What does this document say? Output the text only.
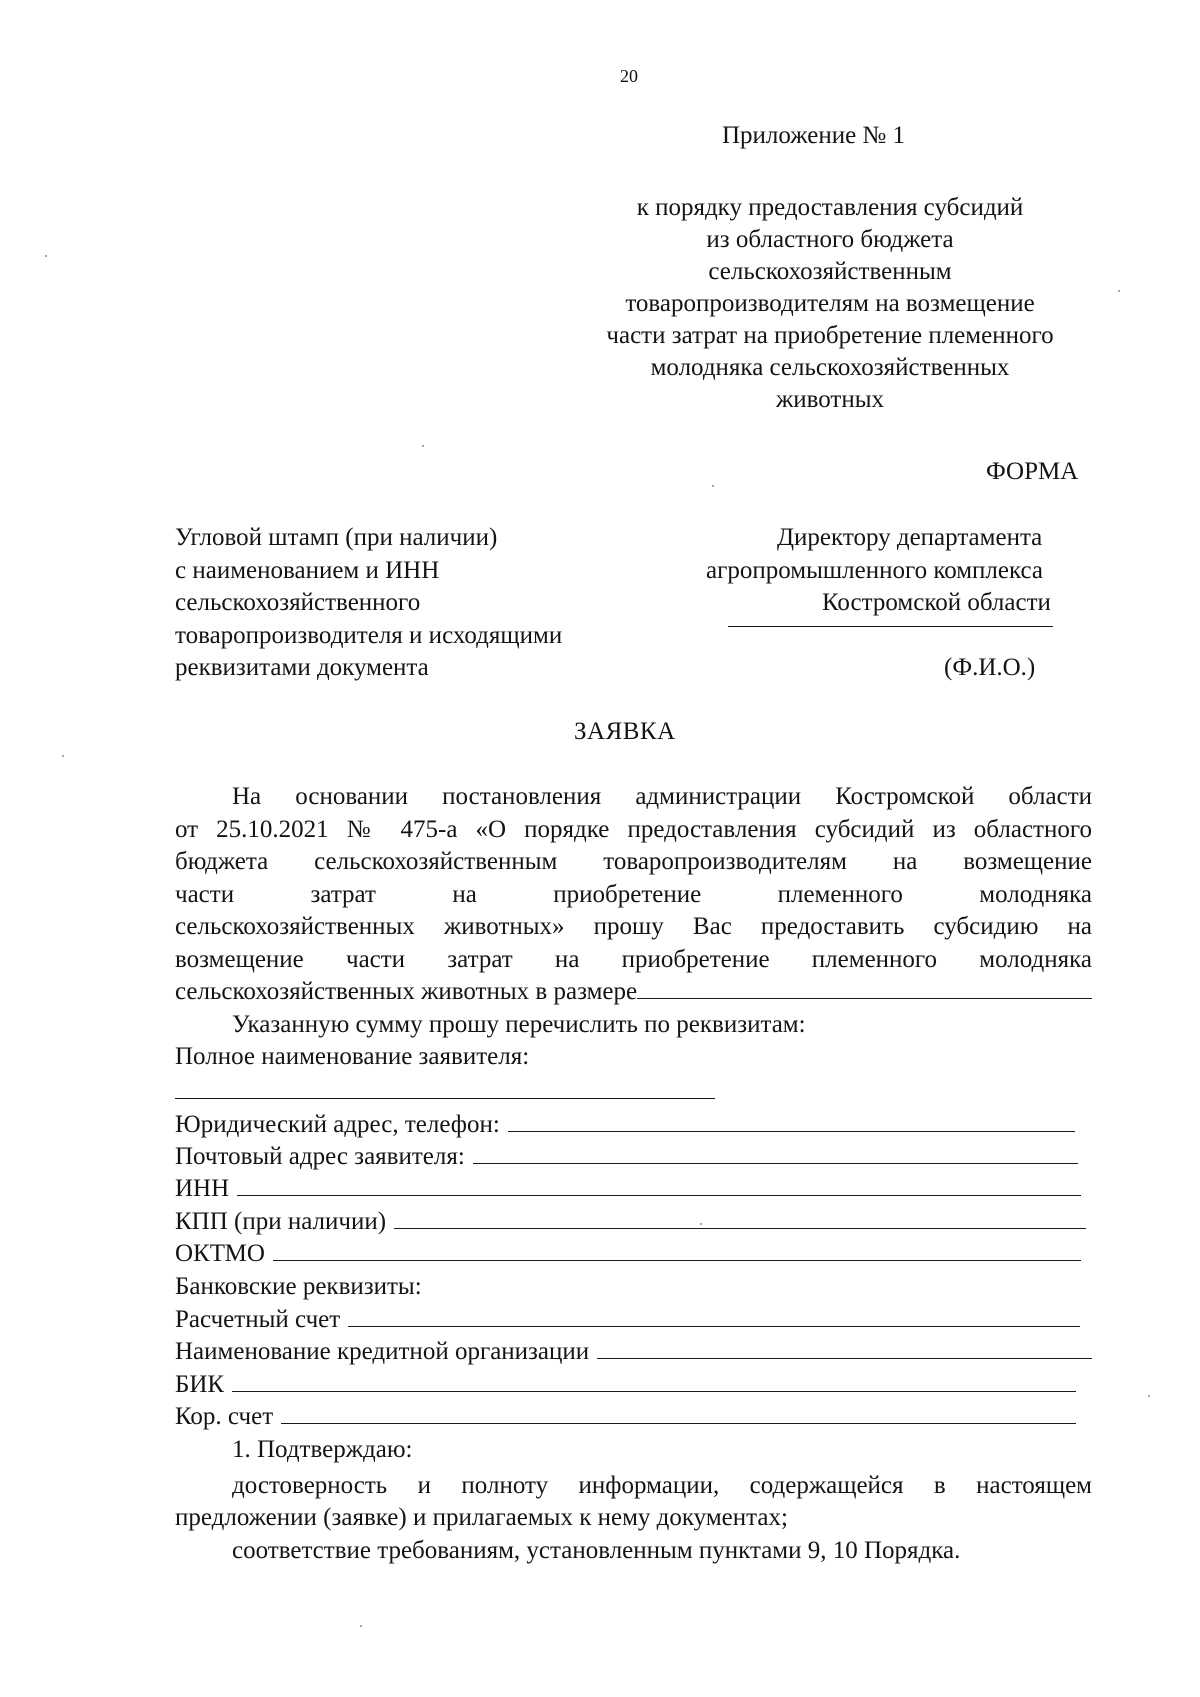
20
Приложение № 1
к порядку предоставления субсидий
из областного бюджета
сельскохозяйственным
товаропроизводителям на возмещение
части затрат на приобретение племенного
молодняка сельскохозяйственных
животных
ФОРМА
Угловой штамп (при наличии)
с наименованием и ИНН
сельскохозяйственного
товаропроизводителя и исходящими
реквизитами документа
Директору департамента
агропромышленного комплекса
Костромской области
(Ф.И.О.)
ЗАЯВКА
На основании постановления администрации Костромской области
от 25.10.2021 № 475-а «О порядке предоставления субсидий из областного
бюджета сельскохозяйственным товаропроизводителям на возмещение
части затрат на приобретение племенного молодняка
сельскохозяйственных животных» прошу Вас предоставить субсидию на
возмещение части затрат на приобретение племенного молодняка
сельскохозяйственных животных в размере
Указанную сумму прошу перечислить по реквизитам:
Полное наименование заявителя:
Юридический адрес, телефон:
Почтовый адрес заявителя:
ИНН
КПП (при наличии)
ОКТМО
Банковские реквизиты:
Расчетный счет
Наименование кредитной организации
БИК
Кор. счет
1. Подтверждаю:
достоверность и полноту информации, содержащейся в настоящем
предложении (заявке) и прилагаемых к нему документах;
соответствие требованиям, установленным пунктами 9, 10 Порядка.
